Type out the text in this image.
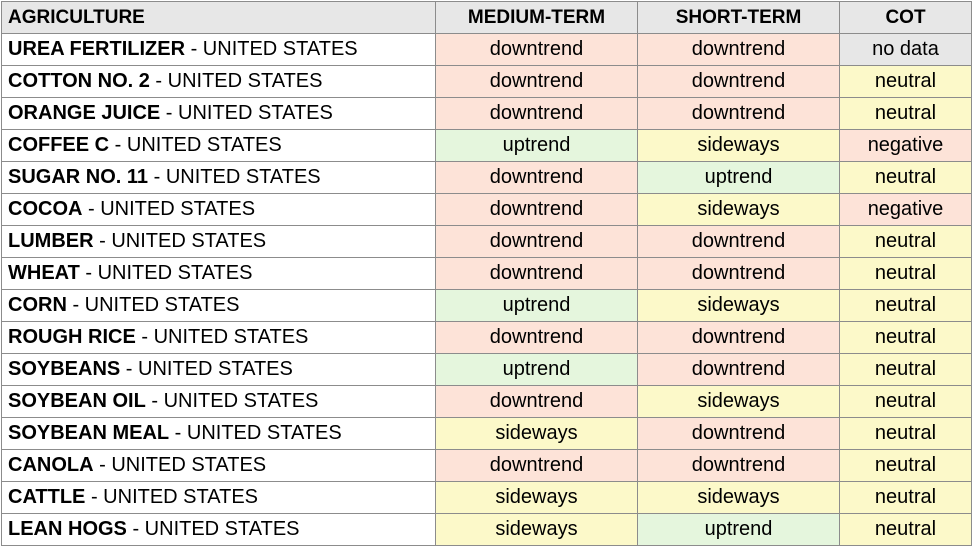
AGRICULTURE	MEDIUM-TERM	SHORT-TERM	COT
UREA FERTILIZER - UNITED STATES	downtrend	downtrend	no data
COTTON NO. 2 - UNITED STATES	downtrend	downtrend	neutral
ORANGE JUICE - UNITED STATES	downtrend	downtrend	neutral
COFFEE C - UNITED STATES	uptrend	sideways	negative
SUGAR NO. 11 - UNITED STATES	downtrend	uptrend	neutral
COCOA - UNITED STATES	downtrend	sideways	negative
LUMBER - UNITED STATES	downtrend	downtrend	neutral
WHEAT - UNITED STATES	downtrend	downtrend	neutral
CORN - UNITED STATES	uptrend	sideways	neutral
ROUGH RICE - UNITED STATES	downtrend	downtrend	neutral
SOYBEANS - UNITED STATES	uptrend	downtrend	neutral
SOYBEAN OIL - UNITED STATES	downtrend	sideways	neutral
SOYBEAN MEAL - UNITED STATES	sideways	downtrend	neutral
CANOLA - UNITED STATES	downtrend	downtrend	neutral
CATTLE - UNITED STATES	sideways	sideways	neutral
LEAN HOGS - UNITED STATES	sideways	uptrend	neutral
